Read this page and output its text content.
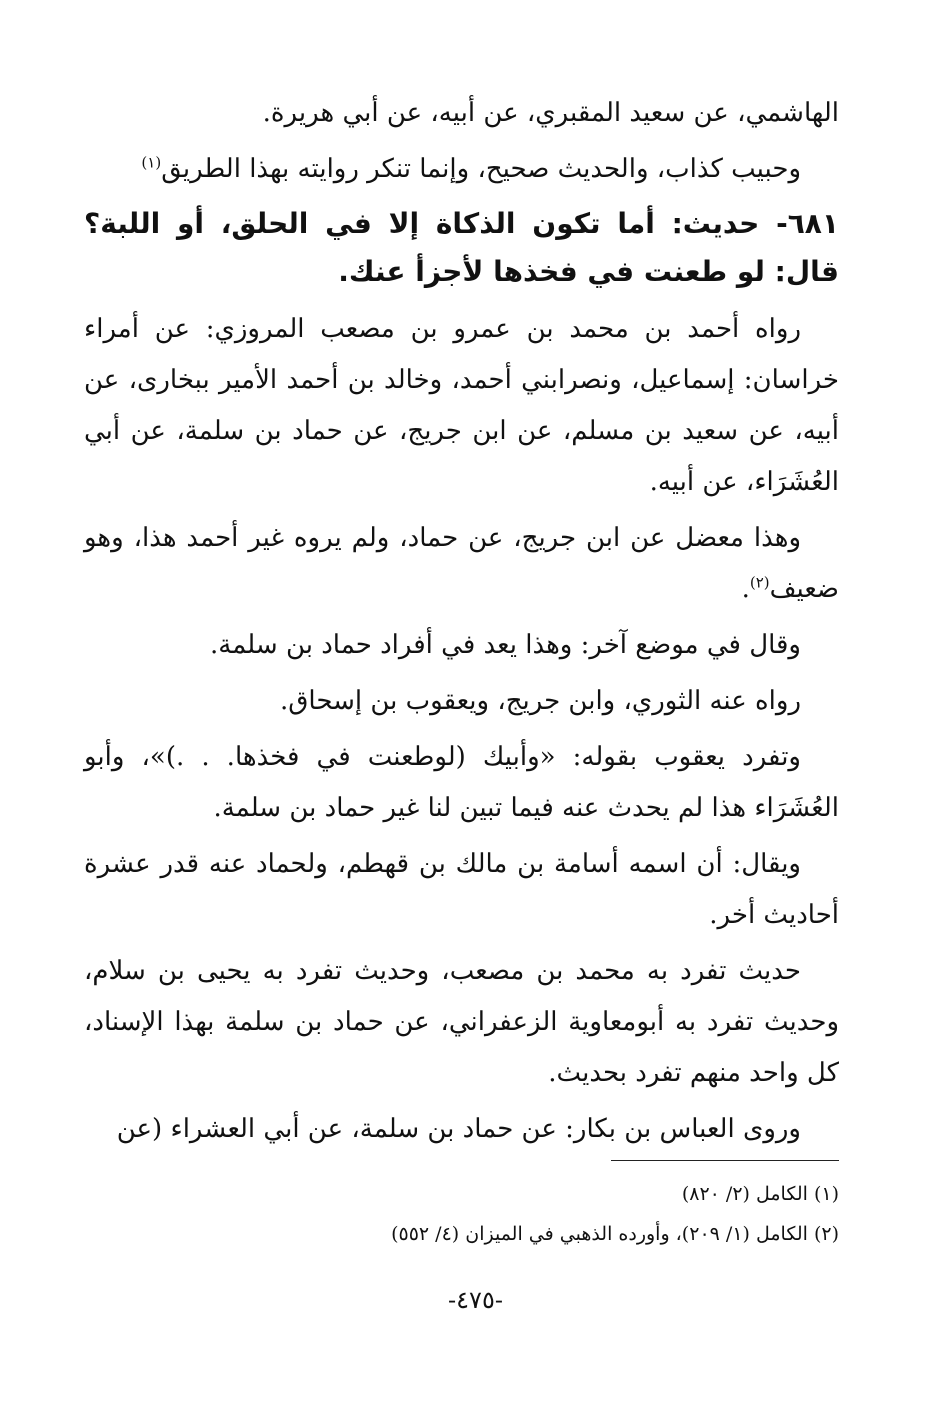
الهاشمي، عن سعيد المقبري، عن أبيه، عن أبي هريرة.

وحبيب كذاب، والحديث صحيح، وإنما تنكر روايته بهذا الطريق$^{(١)}$

٦٨١- حديث: أما تكون الذكاة إلا في الحلق، أو اللبة؟ قال: لو طعنت في فخذها لأجزأ عنك.

رواه أحمد بن محمد بن عمرو بن مصعب المروزي: عن أمراء خراسان: إسماعيل، ونصرابني أحمد، وخالد بن أحمد الأمير ببخارى، عن أبيه، عن سعيد بن مسلم، عن ابن جريج، عن حماد بن سلمة، عن أبي العُشَرَاء، عن أبيه.

وهذا معضل عن ابن جريج، عن حماد، ولم يروه غير أحمد هذا، وهو ضعيف$^{(٢)}$.

وقال في موضع آخر: وهذا يعد في أفراد حماد بن سلمة.

رواه عنه الثوري، وابن جريج، ويعقوب بن إسحاق.

وتفرد يعقوب بقوله: «وأبيك (لوطعنت في فخذها. . .)»، وأبو العُشَرَاء هذا لم يحدث عنه فيما تبين لنا غير حماد بن سلمة.

ويقال: أن اسمه أسامة بن مالك بن قهطم، ولحماد عنه قدر عشرة أحاديث أخر.

حديث تفرد به محمد بن مصعب، وحديث تفرد به يحيى بن سلام، وحديث تفرد به أبومعاوية الزعفراني، عن حماد بن سلمة بهذا الإسناد، كل واحد منهم تفرد بحديث.

وروى العباس بن بكار: عن حماد بن سلمة، عن أبي العشراء (عن

(١) الكامل (٢/ ٨٢٠)
(٢) الكامل (١/ ٢٠٩)، وأورده الذهبي في الميزان (٤/ ٥٥٢)
-٤٧٥-
